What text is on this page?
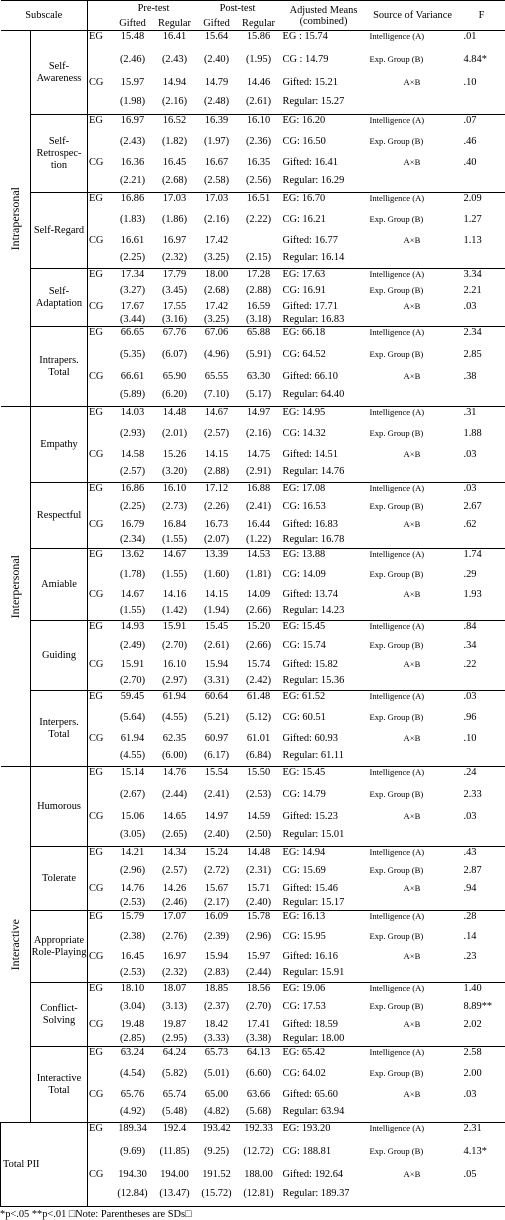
Subscale			Pre-test		Post-test		Adjusted Means (combined)	Source of Variance	F
			Gifted	Regular	Gifted	Regular			

Intrapersonal	Self-Awareness	EG	15.48	16.41	15.64	15.86	EG : 15.74	Intelligence (A)	.01
			(2.46)	(2.43)	(2.40)	(1.95)	CG : 14.79	Exp. Group (B)	4.84*
		CG	15.97	14.94	14.79	14.46	Gifted: 15.21	A×B	.10
			(1.98)	(2.16)	(2.48)	(2.61)	Regular: 15.27		
	Self-Retrospec-tion	EG	16.97	16.52	16.39	16.10	EG: 16.20	Intelligence (A)	.07
			(2.43)	(1.82)	(1.97)	(2.36)	CG: 16.50	Exp. Group (B)	.46
		CG	16.36	16.45	16.67	16.35	Gifted: 16.41	A×B	.40
			(2.21)	(2.68)	(2.58)	(2.56)	Regular: 16.29		
	Self-Regard	EG	16.86	17.03	17.03	16.51	EG: 16.70	Intelligence (A)	2.09
			(1.83)	(1.86)	(2.16)	(2.22)	CG: 16.21	Exp. Group (B)	1.27
		CG	16.61	16.97	17.42		Gifted: 16.77	A×B	1.13
			(2.25)	(2.32)	(3.25)	(2.15)	Regular: 16.14		
	Self-Adaptation	EG	17.34	17.79	18.00	17.28	EG: 17.63	Intelligence (A)	3.34
			(3.27)	(3.45)	(2.68)	(2.88)	CG: 16.91	Exp. Group (B)	2.21
		CG	17.67	17.55	17.42	16.59	Gifted: 17.71	A×B	.03
			(3.44)	(3.16)	(3.25)	(3.18)	Regular: 16.83		
	Intrapers. Total	EG	66.65	67.76	67.06	65.88	EG: 66.18	Intelligence (A)	2.34
			(5.35)	(6.07)	(4.96)	(5.91)	CG: 64.52	Exp. Group (B)	2.85
		CG	66.61	65.90	65.55	63.30	Gifted: 66.10	A×B	.38
			(5.89)	(6.20)	(7.10)	(5.17)	Regular: 64.40		

Interpersonal	Empathy	EG	14.03	14.48	14.67	14.97	EG: 14.95	Intelligence (A)	.31
			(2.93)	(2.01)	(2.57)	(2.16)	CG: 14.32	Exp. Group (B)	1.88
		CG	14.58	15.26	14.15	14.75	Gifted: 14.51	A×B	.03
			(2.57)	(3.20)	(2.88)	(2.91)	Regular: 14.76		
	Respectful	EG	16.86	16.10	17.12	16.88	EG: 17.08	Intelligence (A)	.03
			(2.25)	(2.73)	(2.26)	(2.41)	CG: 16.53	Exp. Group (B)	2.67
		CG	16.79	16.84	16.73	16.44	Gifted: 16.83	A×B	.62
			(2.34)	(1.55)	(2.07)	(1.22)	Regular: 16.78		
	Amiable	EG	13.62	14.67	13.39	14.53	EG: 13.88	Intelligence (A)	1.74
			(1.78)	(1.55)	(1.60)	(1.81)	CG: 14.09	Exp. Group (B)	.29
		CG	14.67	14.16	14.15	14.09	Gifted: 13.74	A×B	1.93
			(1.55)	(1.42)	(1.94)	(2.66)	Regular: 14.23		
	Guiding	EG	14.93	15.91	15.45	15.20	EG: 15.45	Intelligence (A)	.84
			(2.49)	(2.70)	(2.61)	(2.66)	CG: 15.74	Exp. Group (B)	.34
		CG	15.91	16.10	15.94	15.74	Gifted: 15.82	A×B	.22
			(2.70)	(2.97)	(3.31)	(2.42)	Regular: 15.36		
	Interpers. Total	EG	59.45	61.94	60.64	61.48	EG: 61.52	Intelligence (A)	.03
			(5.64)	(4.55)	(5.21)	(5.12)	CG: 60.51	Exp. Group (B)	.96
		CG	61.94	62.35	60.97	61.01	Gifted: 60.93	A×B	.10
			(4.55)	(6.00)	(6.17)	(6.84)	Regular: 61.11		

Interactive	Humorous	EG	15.14	14.76	15.54	15.50	EG: 15.45	Intelligence (A)	.24
			(2.67)	(2.44)	(2.41)	(2.53)	CG: 14.79	Exp. Group (B)	2.33
		CG	15.06	14.65	14.97	14.59	Gifted: 15.23	A×B	.03
			(3.05)	(2.65)	(2.40)	(2.50)	Regular: 15.01		
	Tolerate	EG	14.21	14.34	15.24	14.48	EG: 14.94	Intelligence (A)	.43
			(2.96)	(2.57)	(2.72)	(2.31)	CG: 15.69	Exp. Group (B)	2.87
		CG	14.76	14.26	15.67	15.71	Gifted: 15.46	A×B	.94
			(2.53)	(2.46)	(2.17)	(2.40)	Regular: 15.17		
	Appropriate Role-Playing	EG	15.79	17.07	16.09	15.78	EG: 16.13	Intelligence (A)	.28
			(2.38)	(2.76)	(2.39)	(2.96)	CG: 15.95	Exp. Group (B)	.14
		CG	16.45	16.97	15.94	15.97	Gifted: 16.16	A×B	.23
			(2.53)	(2.32)	(2.83)	(2.44)	Regular: 15.91		
	Conflict-Solving	EG	18.10	18.07	18.85	18.56	EG: 19.06	Intelligence (A)	1.40
			(3.04)	(3.13)	(2.37)	(2.70)	CG: 17.53	Exp. Group (B)	8.89**
		CG	19.48	19.87	18.42	17.41	Gifted: 18.59	A×B	2.02
			(2.85)	(2.95)	(3.33)	(3.38)	Regular: 18.00		
	Interactive Total	EG	63.24	64.24	65.73	64.13	EG: 65.42	Intelligence (A)	2.58
			(4.54)	(5.82)	(5.01)	(6.60)	CG: 64.02	Exp. Group (B)	2.00
		CG	65.76	65.74	65.00	63.66	Gifted: 65.60	A×B	.03
			(4.92)	(5.48)	(4.82)	(5.68)	Regular: 63.94		
Total PII		EG	189.34	192.4	193.42	192.33	EG: 193.20	Intelligence (A)	2.31
			(9.69)	(11.85)	(9.25)	(12.72)	CG: 188.81	Exp. Group (B)	4.13*
		CG	194.30	194.00	191.52	188.00	Gifted: 192.64	A×B	.05
			(12.84)	(13.47)	(15.72)	(12.81)	Regular: 189.37		
*p<.05 **p<.01 □Note: Parentheses are SDs□
